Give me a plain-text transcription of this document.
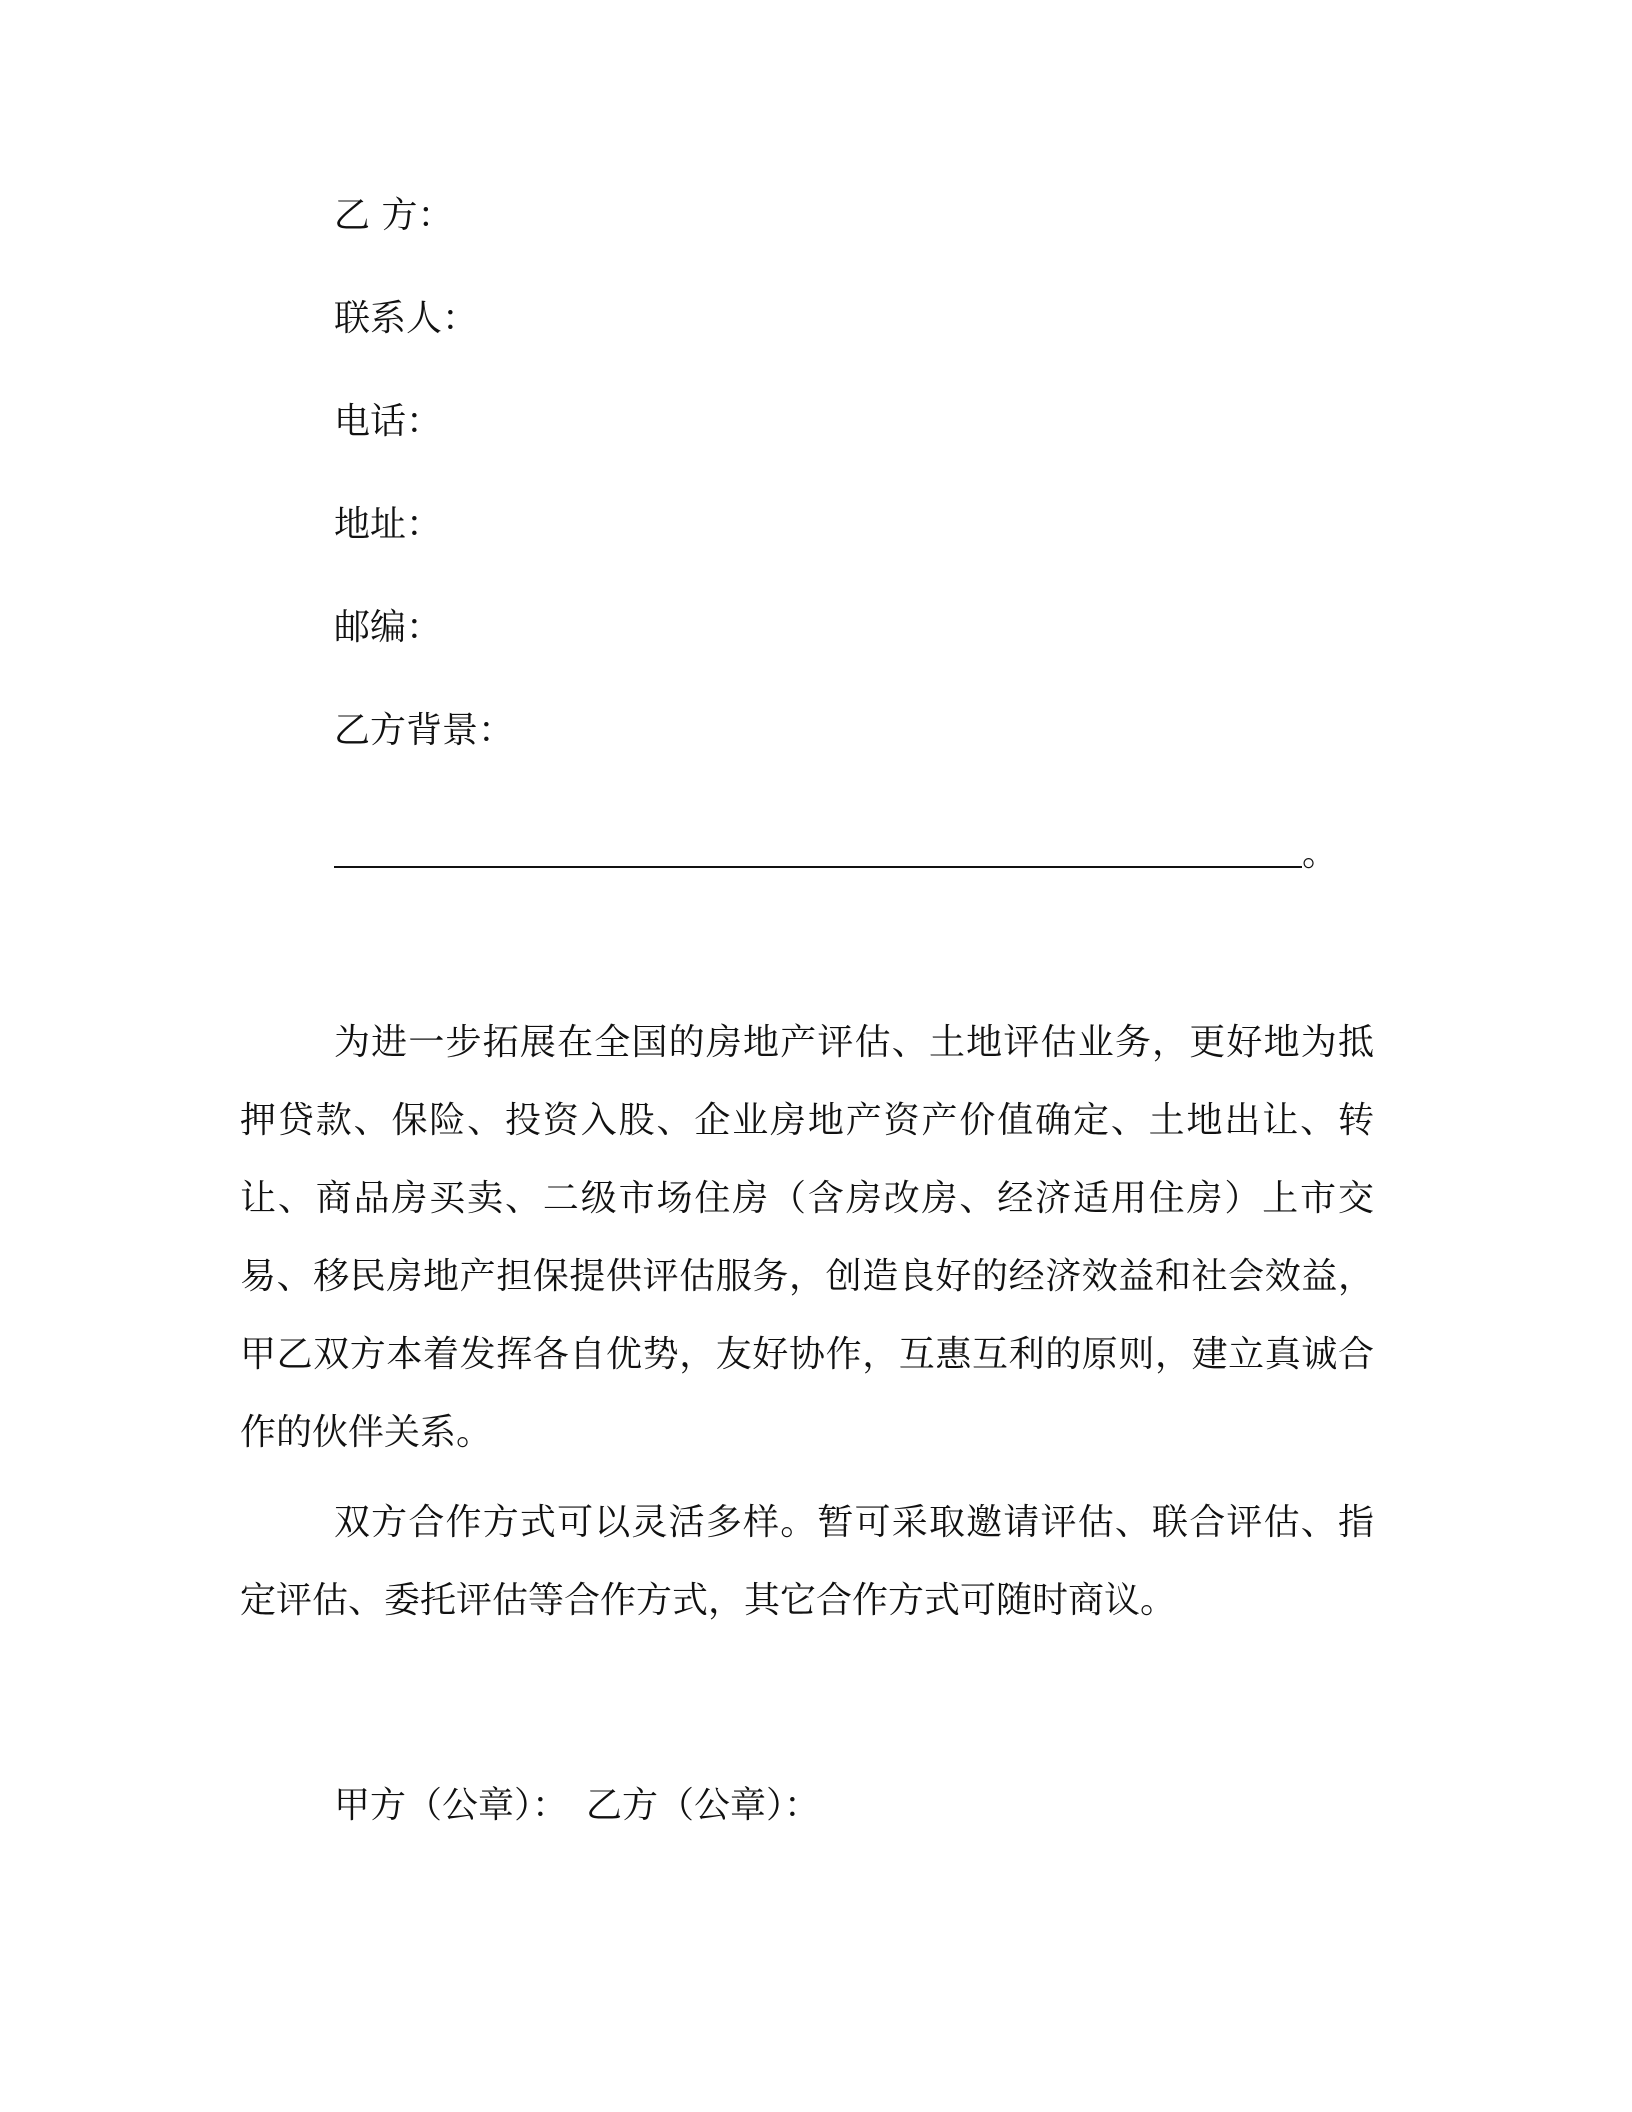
乙 方：
联系人：
电话：
地址：
邮编：
乙方背景：
。
为进一步拓展在全国的房地产评估、土地评估业务，更好地为抵押贷款、保险、投资入股、企业房地产资产价值确定、土地出让、转让、商品房买卖、二级市场住房（含房改房、经济适用住房）上市交易、移民房地产担保提供评估服务，创造良好的经济效益和社会效益，甲乙双方本着发挥各自优势，友好协作，互惠互利的原则，建立真诚合作的伙伴关系。
双方合作方式可以灵活多样。暂可采取邀请评估、联合评估、指定评估、委托评估等合作方式，其它合作方式可随时商议。
甲方（公章）： 乙方（公章）：
